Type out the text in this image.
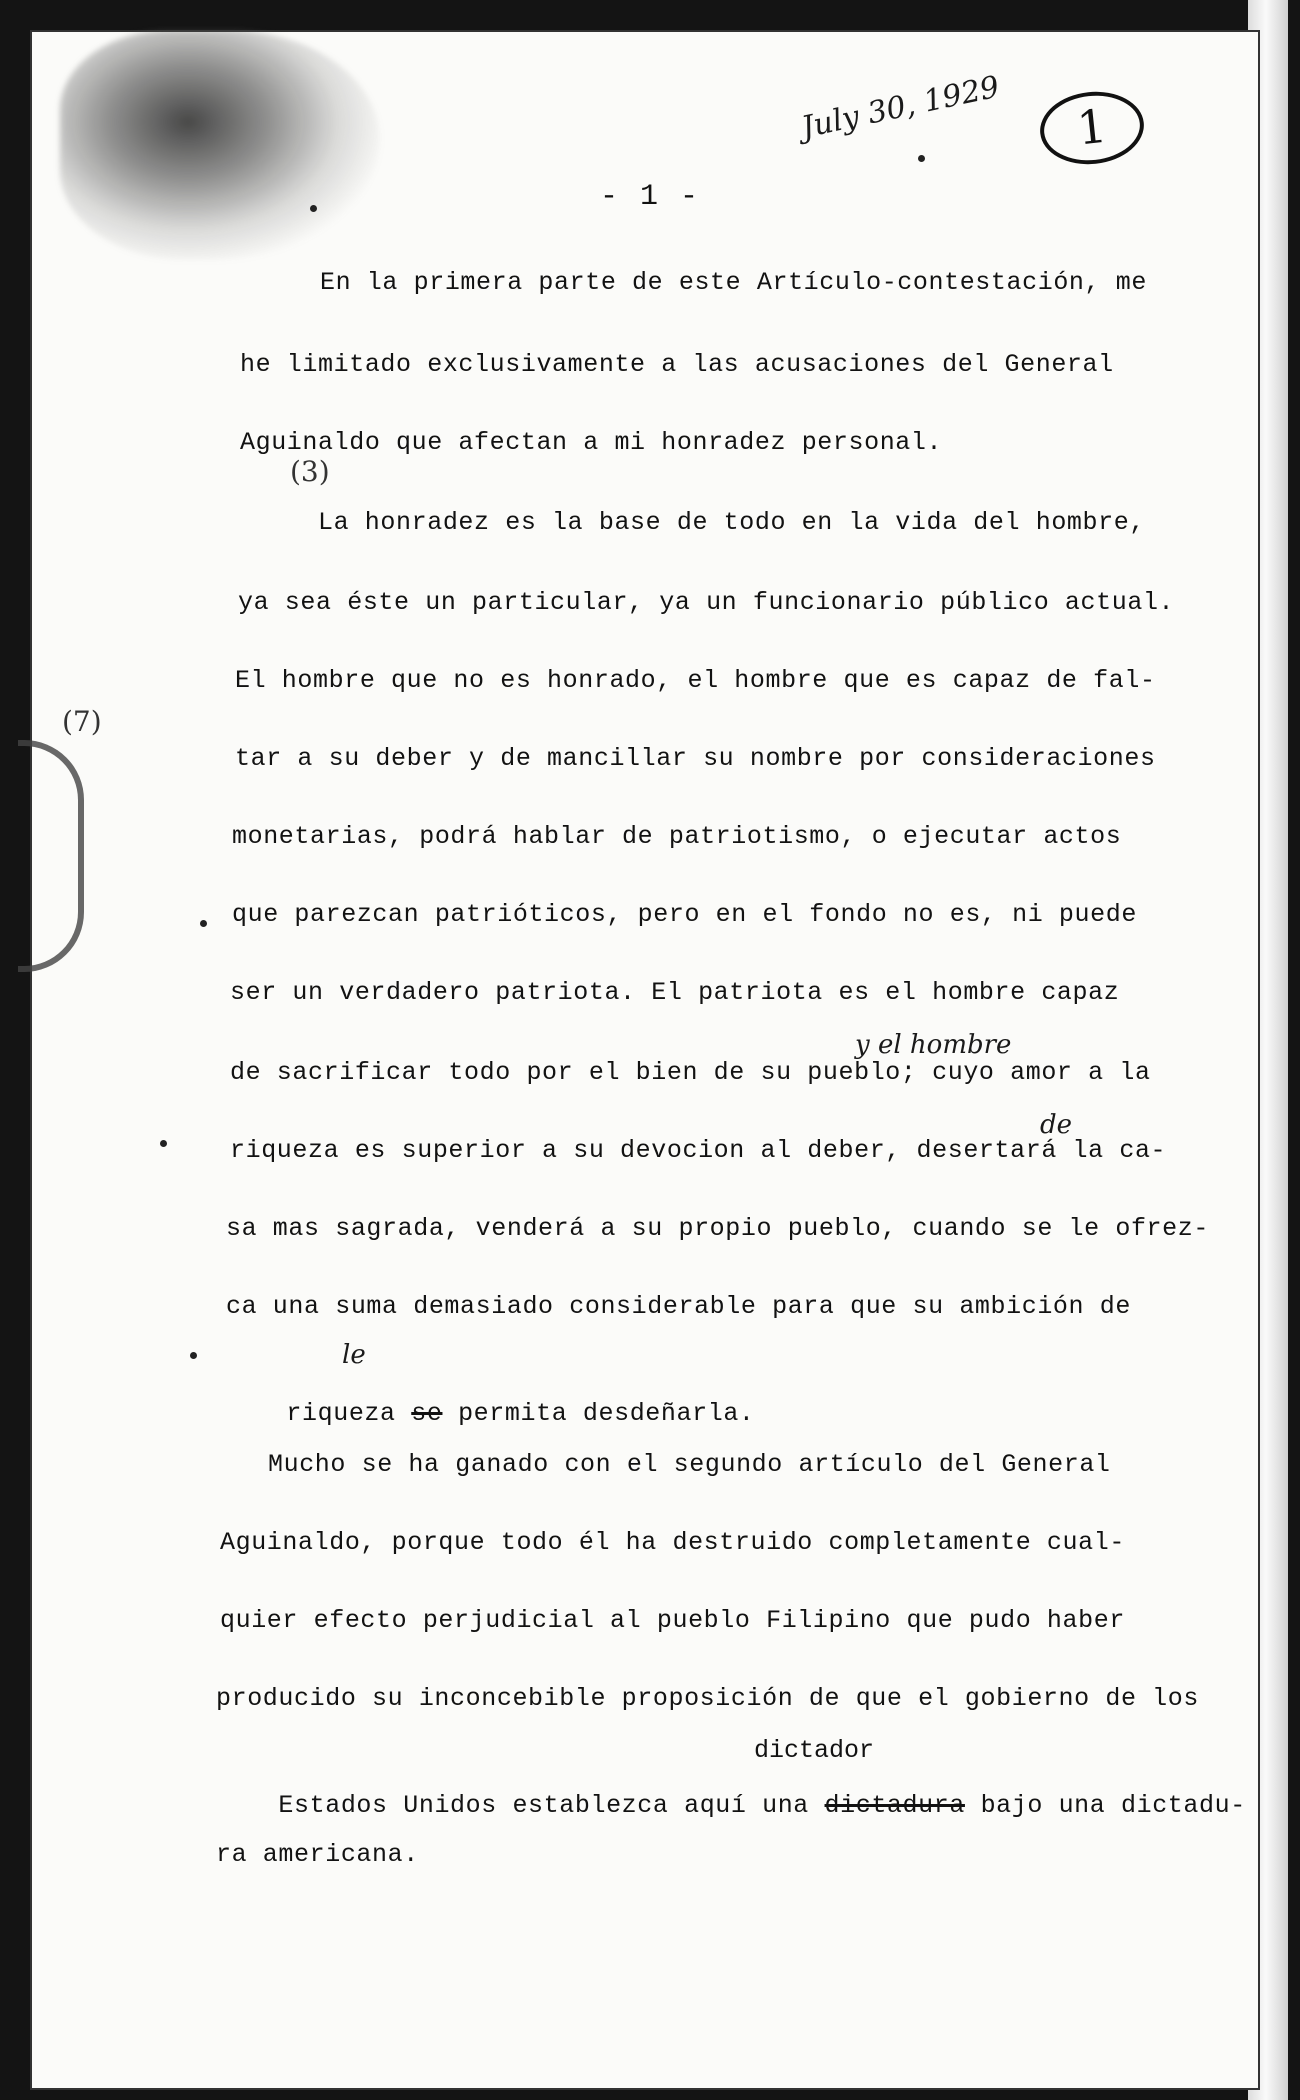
July 30, 1929	1
- 1 -
(3)
(7)
En la primera parte de este Artículo-contestación, me
he limitado exclusivamente a las acusaciones del General
Aguinaldo que afectan a mi honradez personal.
La honradez es la base de todo en la vida del hombre,
ya sea éste un particular, ya un funcionario público actual.
El hombre que no es honrado, el hombre que es capaz de fal-
tar a su deber y de mancillar su nombre por consideraciones
monetarias, podrá hablar de patriotismo, o ejecutar actos
que parezcan patrióticos, pero en el fondo no es, ni puede
ser un verdadero patriota. El patriota es el hombre capaz
y el hombre
de sacrificar todo por el bien de su pueblo; cuyo amor a la
de
riqueza es superior a su devocion al deber, desertará la ca-
sa mas sagrada, venderá a su propio pueblo, cuando se le ofrez-
ca una suma demasiado considerable para que su ambición de
le

riqueza se permita desdeñarla.

Mucho se ha ganado con el segundo artículo del General
Aguinaldo, porque todo él ha destruido completamente cual-
quier efecto perjudicial al pueblo Filipino que pudo haber
producido su inconcebible proposición de que el gobierno de los
dictador

Estados Unidos establezca aquí una dictadura bajo una dictadu-

ra americana.
